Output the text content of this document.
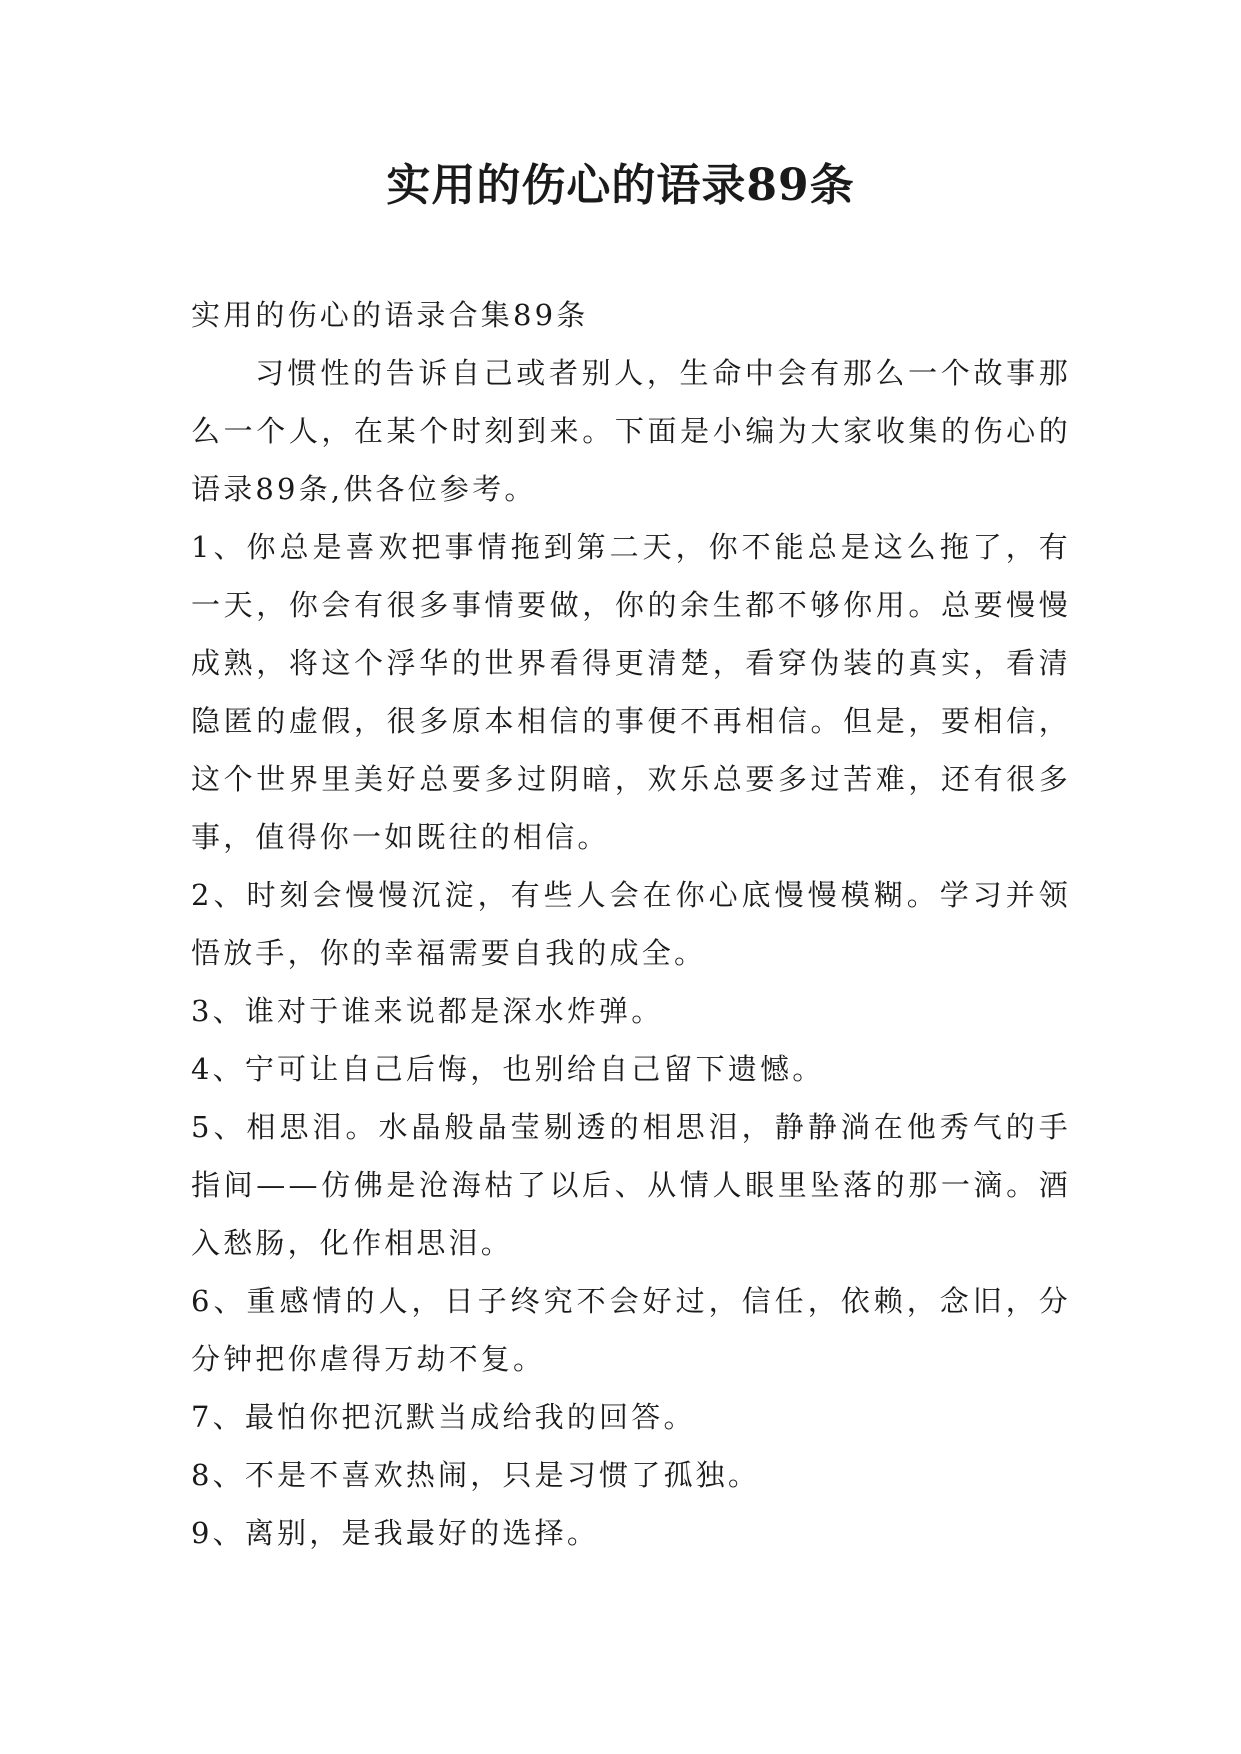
实用的伤心的语录89条

实用的伤心的语录合集89条

习惯性的告诉自己或者别人，生命中会有那么一个故事那么一个人，在某个时刻到来。下面是小编为大家收集的伤心的语录89条,供各位参考。

1、你总是喜欢把事情拖到第二天，你不能总是这么拖了，有一天，你会有很多事情要做，你的余生都不够你用。总要慢慢成熟，将这个浮华的世界看得更清楚，看穿伪装的真实，看清隐匿的虚假，很多原本相信的事便不再相信。但是，要相信，这个世界里美好总要多过阴暗，欢乐总要多过苦难，还有很多事，值得你一如既往的相信。

2、时刻会慢慢沉淀，有些人会在你心底慢慢模糊。学习并领悟放手，你的幸福需要自我的成全。

3、谁对于谁来说都是深水炸弹。

4、宁可让自己后悔，也别给自己留下遗憾。

5、相思泪。水晶般晶莹剔透的相思泪，静静淌在他秀气的手指间——仿佛是沧海枯了以后、从情人眼里坠落的那一滴。酒入愁肠，化作相思泪。

6、重感情的人，日子终究不会好过，信任，依赖，念旧，分分钟把你虐得万劫不复。

7、最怕你把沉默当成给我的回答。

8、不是不喜欢热闹，只是习惯了孤独。

9、离别，是我最好的选择。
